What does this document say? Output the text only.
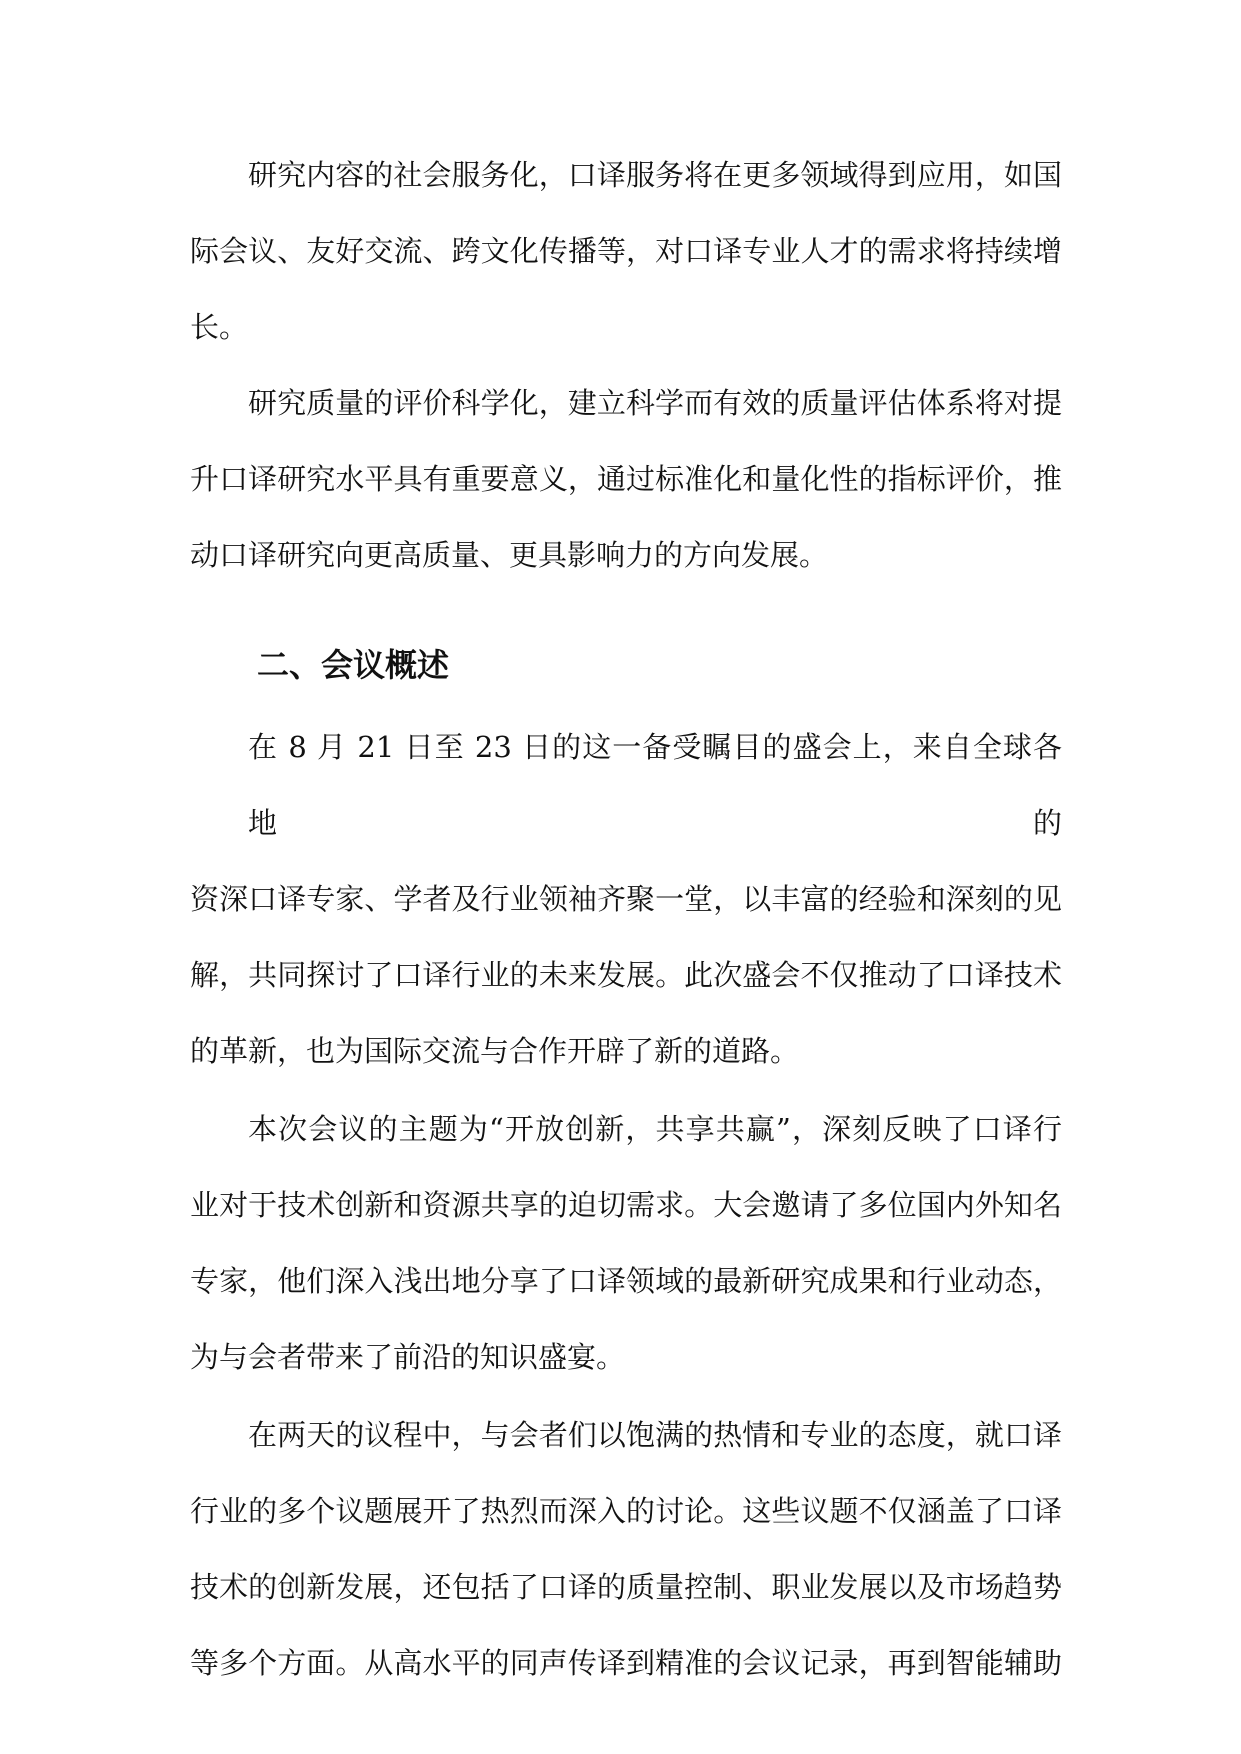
研究内容的社会服务化，口译服务将在更多领域得到应用，如国
际会议、友好交流、跨文化传播等，对口译专业人才的需求将持续增
长。

研究质量的评价科学化，建立科学而有效的质量评估体系将对提
升口译研究水平具有重要意义，通过标准化和量化性的指标评价，推
动口译研究向更高质量、更具影响力的方向发展。

二、会议概述

在 8 月 21 日至 23 日的这一备受瞩目的盛会上，来自全球各地的
资深口译专家、学者及行业领袖齐聚一堂，以丰富的经验和深刻的见
解，共同探讨了口译行业的未来发展。此次盛会不仅推动了口译技术
的革新，也为国际交流与合作开辟了新的道路。

本次会议的主题为“开放创新，共享共赢”，深刻反映了口译行
业对于技术创新和资源共享的迫切需求。大会邀请了多位国内外知名
专家，他们深入浅出地分享了口译领域的最新研究成果和行业动态，
为与会者带来了前沿的知识盛宴。

在两天的议程中，与会者们以饱满的热情和专业的态度，就口译
行业的多个议题展开了热烈而深入的讨论。这些议题不仅涵盖了口译
技术的创新发展，还包括了口译的质量控制、职业发展以及市场趋势
等多个方面。从高水平的同声传译到精准的会议记录，再到智能辅助
